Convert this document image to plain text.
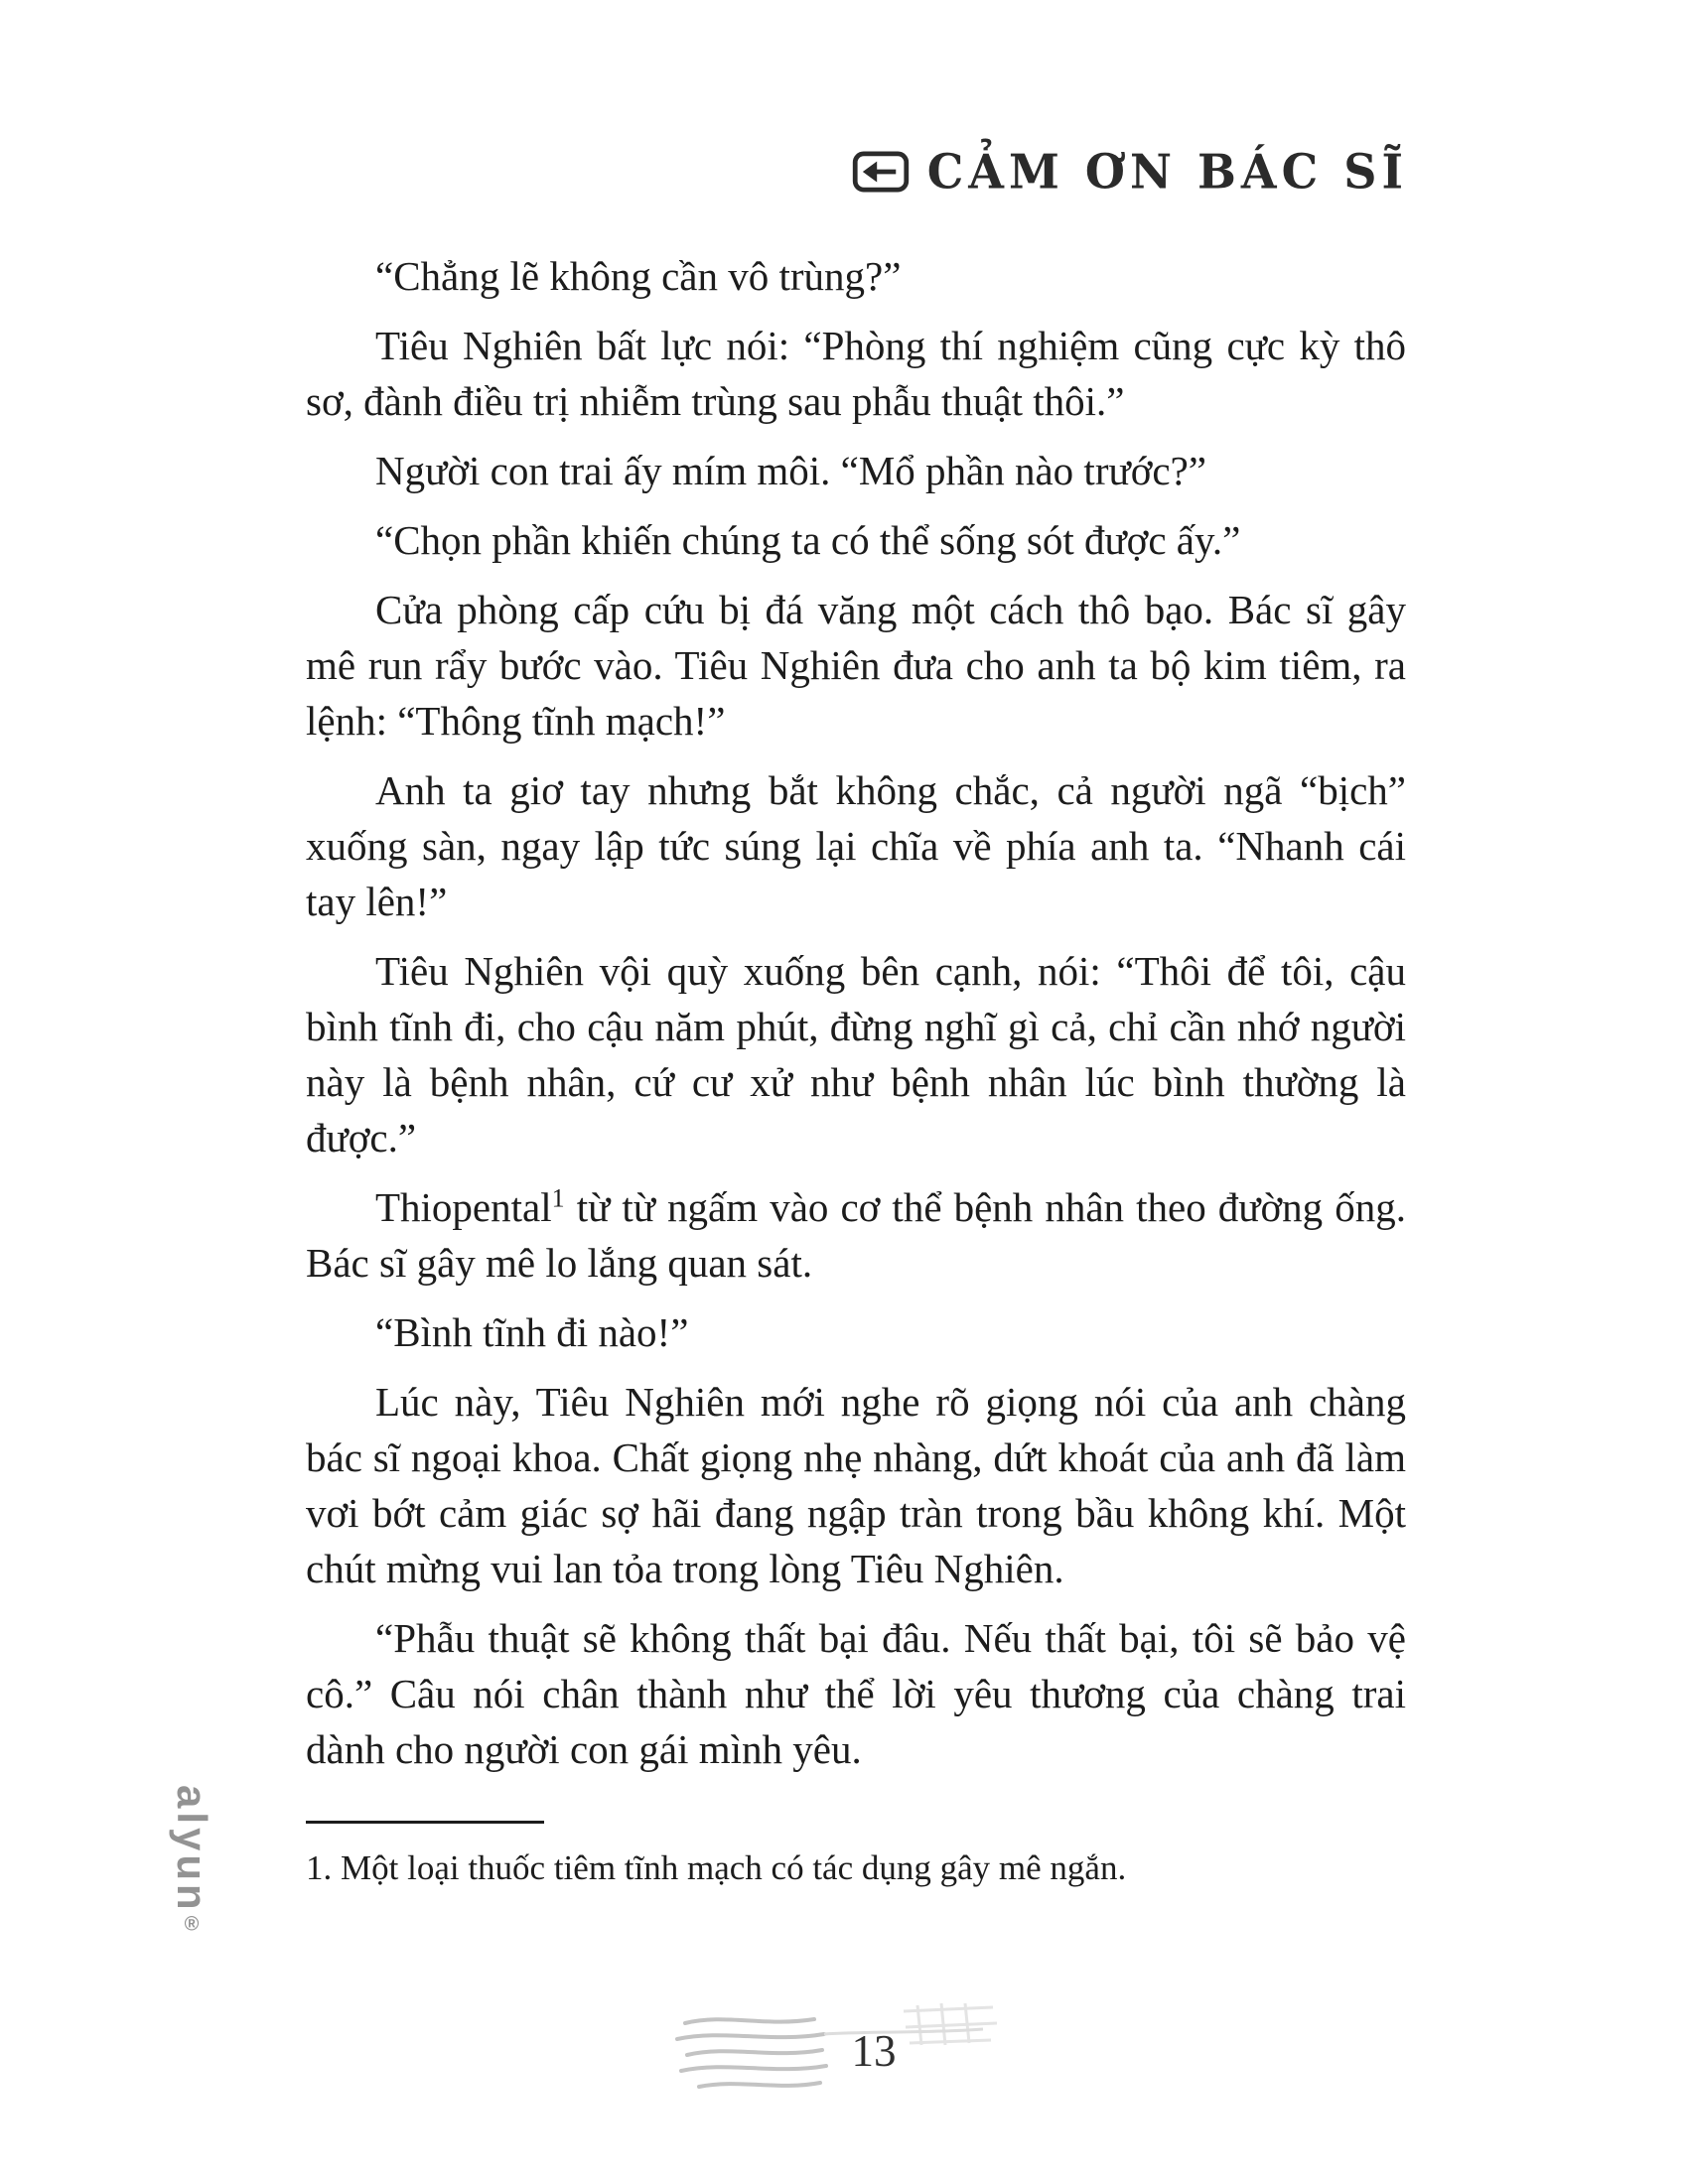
CẢM ƠN BÁC SĨ

“Chẳng lẽ không cần vô trùng?”

Tiêu Nghiên bất lực nói: “Phòng thí nghiệm cũng cực kỳ thô sơ, đành điều trị nhiễm trùng sau phẫu thuật thôi.”

Người con trai ấy mím môi. “Mổ phần nào trước?”

“Chọn phần khiến chúng ta có thể sống sót được ấy.”

Cửa phòng cấp cứu bị đá văng một cách thô bạo. Bác sĩ gây mê run rẩy bước vào. Tiêu Nghiên đưa cho anh ta bộ kim tiêm, ra lệnh: “Thông tĩnh mạch!”

Anh ta giơ tay nhưng bắt không chắc, cả người ngã “bịch” xuống sàn, ngay lập tức súng lại chĩa về phía anh ta. “Nhanh cái tay lên!”

Tiêu Nghiên vội quỳ xuống bên cạnh, nói: “Thôi để tôi, cậu bình tĩnh đi, cho cậu năm phút, đừng nghĩ gì cả, chỉ cần nhớ người này là bệnh nhân, cứ cư xử như bệnh nhân lúc bình thường là được.”

Thiopental$^1$ từ từ ngấm vào cơ thể bệnh nhân theo đường ống. Bác sĩ gây mê lo lắng quan sát.

“Bình tĩnh đi nào!”

Lúc này, Tiêu Nghiên mới nghe rõ giọng nói của anh chàng bác sĩ ngoại khoa. Chất giọng nhẹ nhàng, dứt khoát của anh đã làm vơi bớt cảm giác sợ hãi đang ngập tràn trong bầu không khí. Một chút mừng vui lan tỏa trong lòng Tiêu Nghiên.

“Phẫu thuật sẽ không thất bại đâu. Nếu thất bại, tôi sẽ bảo vệ cô.” Câu nói chân thành như thể lời yêu thương của chàng trai dành cho người con gái mình yêu.

1. Một loại thuốc tiêm tĩnh mạch có tác dụng gây mê ngắn.

alyun®
13
